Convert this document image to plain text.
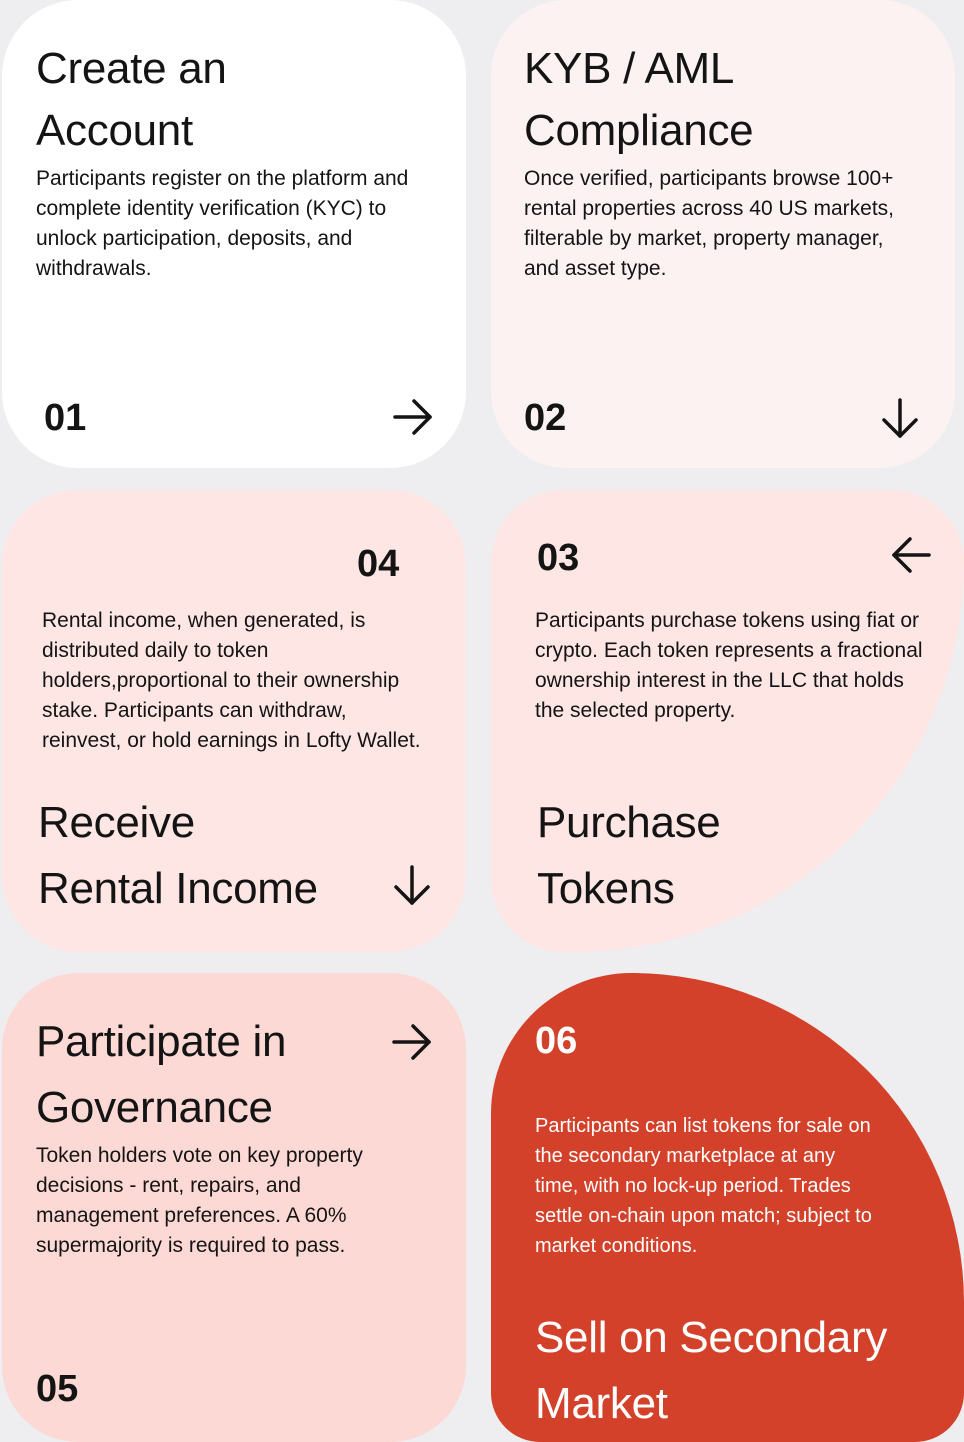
Create an
Account
Participants register on the platform and complete identity verification (KYC) to unlock participation, deposits, and withdrawals.
01
KYB / AML
Compliance
Once verified, participants browse 100+ rental properties across 40 US markets, filterable by market, property manager, and asset type.
02
04
Rental income, when generated, is distributed daily to token holders,proportional to their ownership stake. Participants can withdraw, reinvest, or hold earnings in Lofty Wallet.
Receive
Rental Income
03
Participants purchase tokens using fiat or crypto. Each token represents a fractional ownership interest in the LLC that holds the selected property.
Purchase
Tokens
Participate in
Governance
Token holders vote on key property decisions - rent, repairs, and management preferences. A 60% supermajority is required to pass.
05
06
Participants can list tokens for sale on the secondary marketplace at any time, with no lock-up period. Trades settle on-chain upon match; subject to market conditions.
Sell on Secondary
Market
